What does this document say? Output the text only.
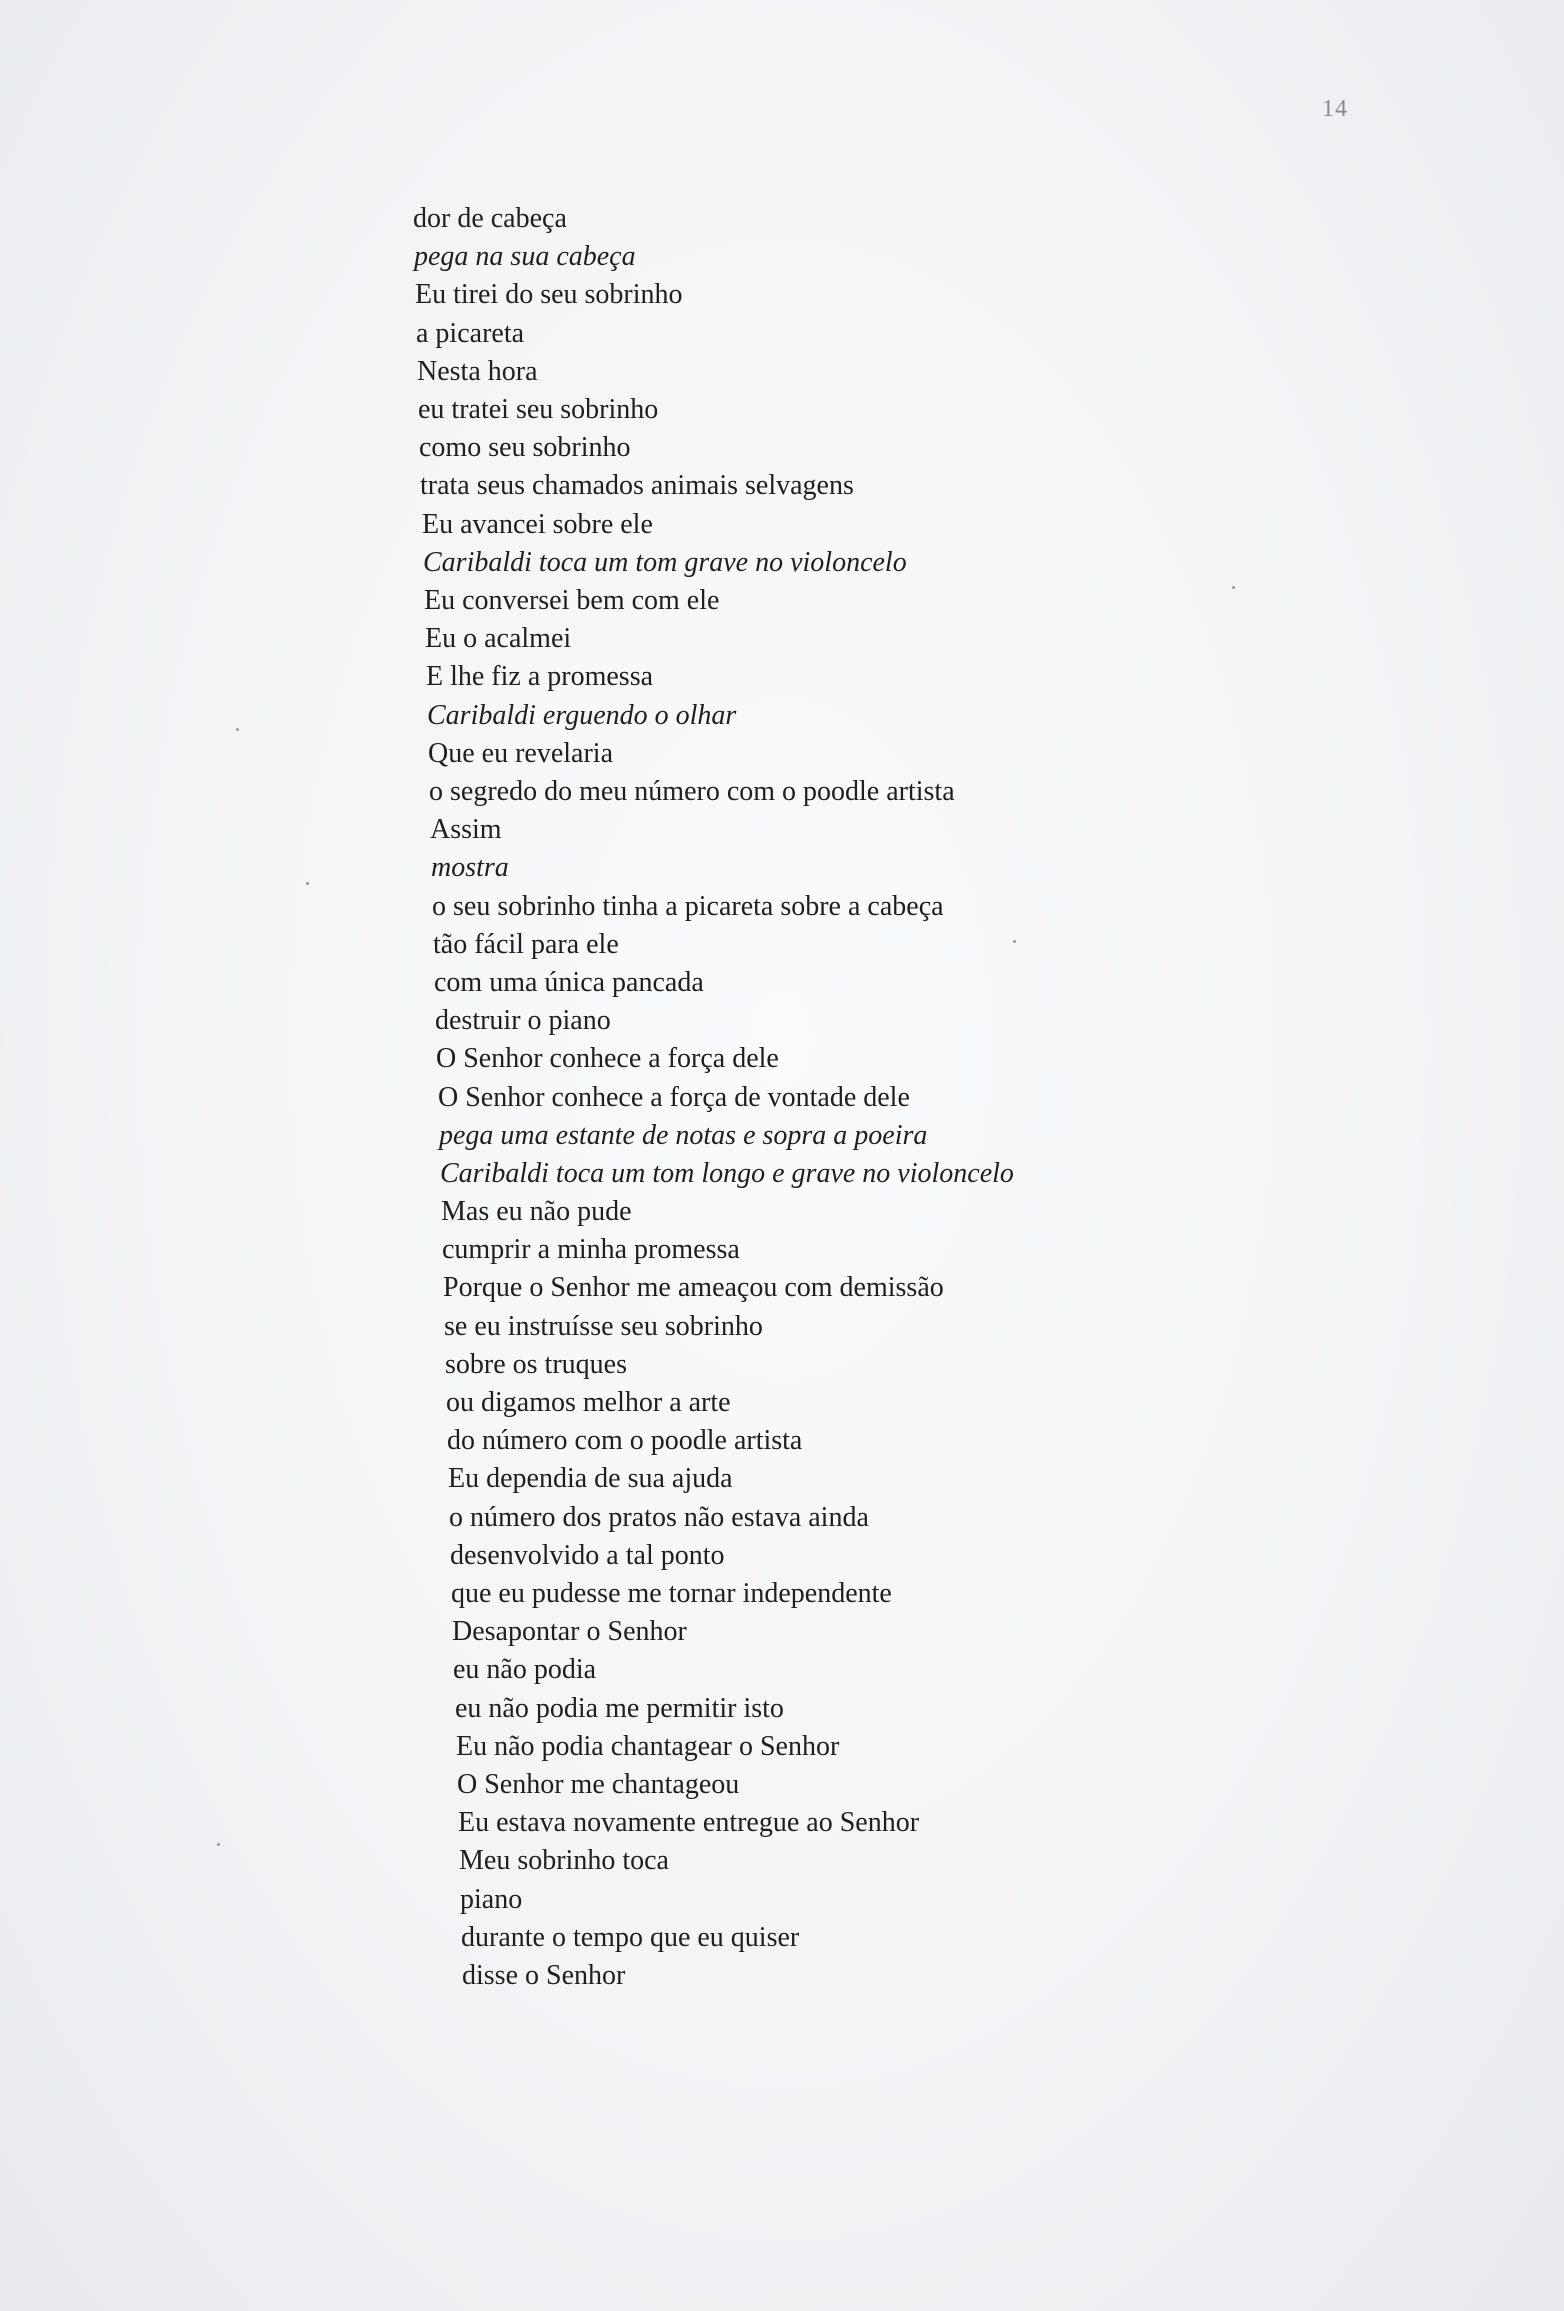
14
dor de cabeça
pega na sua cabeça
Eu tirei do seu sobrinho
a picareta
Nesta hora
eu tratei seu sobrinho
como seu sobrinho
trata seus chamados animais selvagens
Eu avancei sobre ele
Caribaldi toca um tom grave no violoncelo
Eu conversei bem com ele
Eu o acalmei
E lhe fiz a promessa
Caribaldi erguendo o olhar
Que eu revelaria
o segredo do meu número com o poodle artista
Assim
mostra
o seu sobrinho tinha a picareta sobre a cabeça
tão fácil para ele
com uma única pancada
destruir o piano
O Senhor conhece a força dele
O Senhor conhece a força de vontade dele
pega uma estante de notas e sopra a poeira
Caribaldi toca um tom longo e grave no violoncelo
Mas eu não pude
cumprir a minha promessa
Porque o Senhor me ameaçou com demissão
se eu instruísse seu sobrinho
sobre os truques
ou digamos melhor a arte
do número com o poodle artista
Eu dependia de sua ajuda
o número dos pratos não estava ainda
desenvolvido a tal ponto
que eu pudesse me tornar independente
Desapontar o Senhor
eu não podia
eu não podia me permitir isto
Eu não podia chantagear o Senhor
O Senhor me chantageou
Eu estava novamente entregue ao Senhor
Meu sobrinho toca
piano
durante o tempo que eu quiser
disse o Senhor
